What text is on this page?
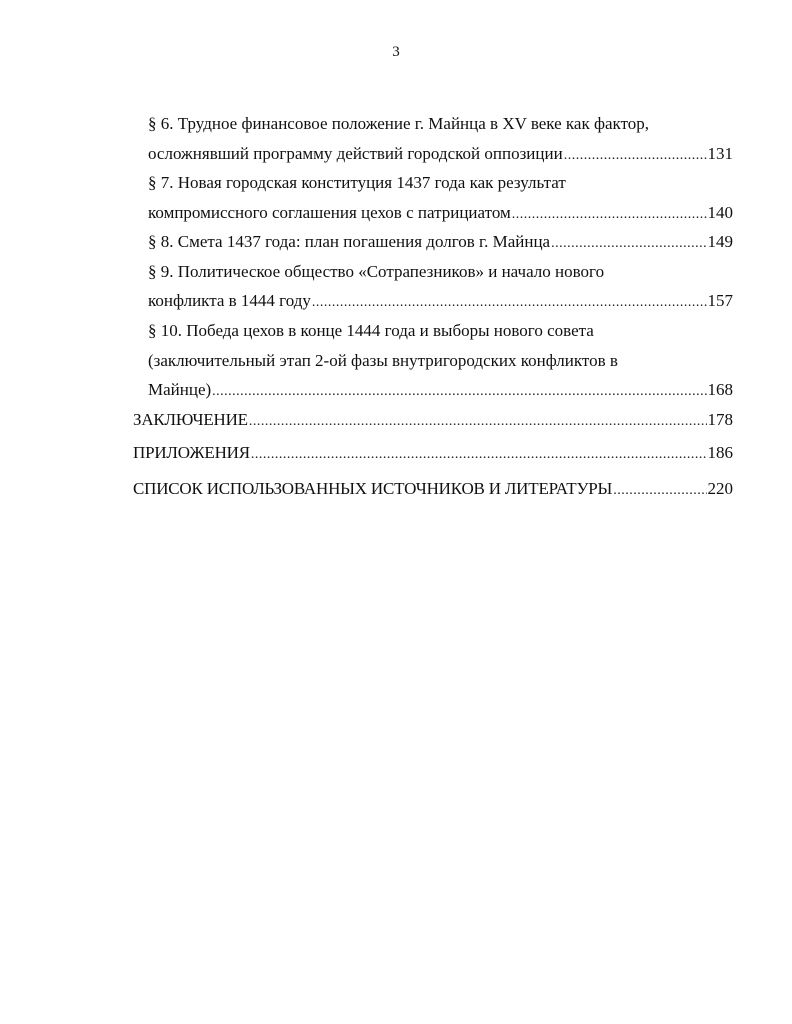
3
§ 6. Трудное финансовое положение г. Майнца в XV веке как фактор,
осложнявший программу действий городской оппозиции .....	131
§ 7. Новая городская конституция 1437 года как результат
компромиссного соглашения цехов с патрициатом .....	140
§ 8. Смета 1437 года: план погашения долгов г. Майнца .....	149
§ 9. Политическое общество «Сотрапезников» и начало нового
конфликта в 1444 году .....	157
§ 10. Победа цехов в конце 1444 года и выборы нового совета
(заключительный этап 2-ой фазы внутригородских конфликтов в
Майнце) .....	168
ЗАКЛЮЧЕНИЕ .....	178
ПРИЛОЖЕНИЯ .....	186
СПИСОК ИСПОЛЬЗОВАННЫХ ИСТОЧНИКОВ И ЛИТЕРАТУРЫ .....	220
